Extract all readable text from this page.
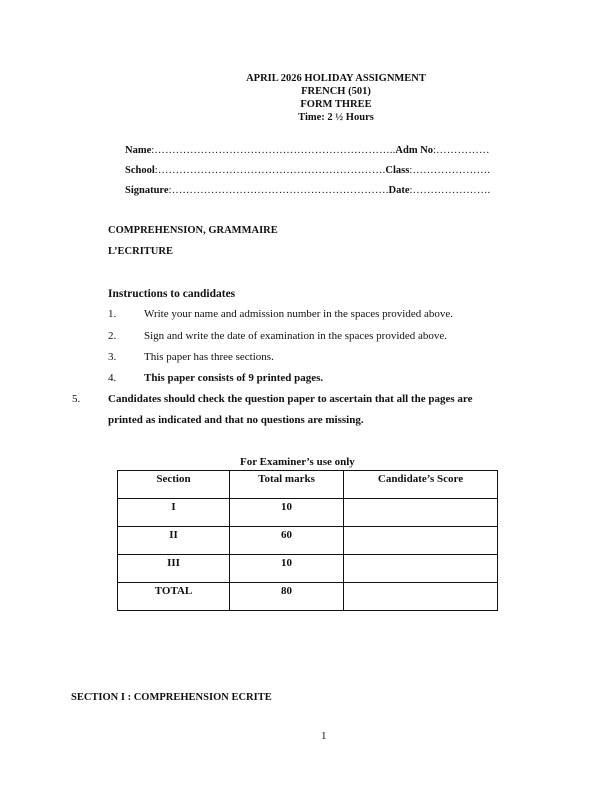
APRIL 2026 HOLIDAY ASSIGNMENT
FRENCH (501)
FORM THREE
Time: 2 ½ Hours
Name:…………………………………………………………..Adm No:……………
School:……………………………………………………….Class:………………….
Signature:…………………………………………………….Date:………………….
COMPREHENSION, GRAMMAIRE
L’ECRITURE
Instructions to candidates
1.	Write your name and admission number in the spaces provided above.
2.	Sign and write the date of examination in the spaces provided above.
3.	This paper has three sections.
4.	This paper consists of 9 printed pages.
5.	Candidates should check the question paper to ascertain that all the pages are
printed as indicated and that no questions are missing.
For Examiner’s use only
Section	Total marks	Candidate’s Score
I	10	
II	60	
III	10	
TOTAL	80	
SECTION I : COMPREHENSION ECRITE
1
